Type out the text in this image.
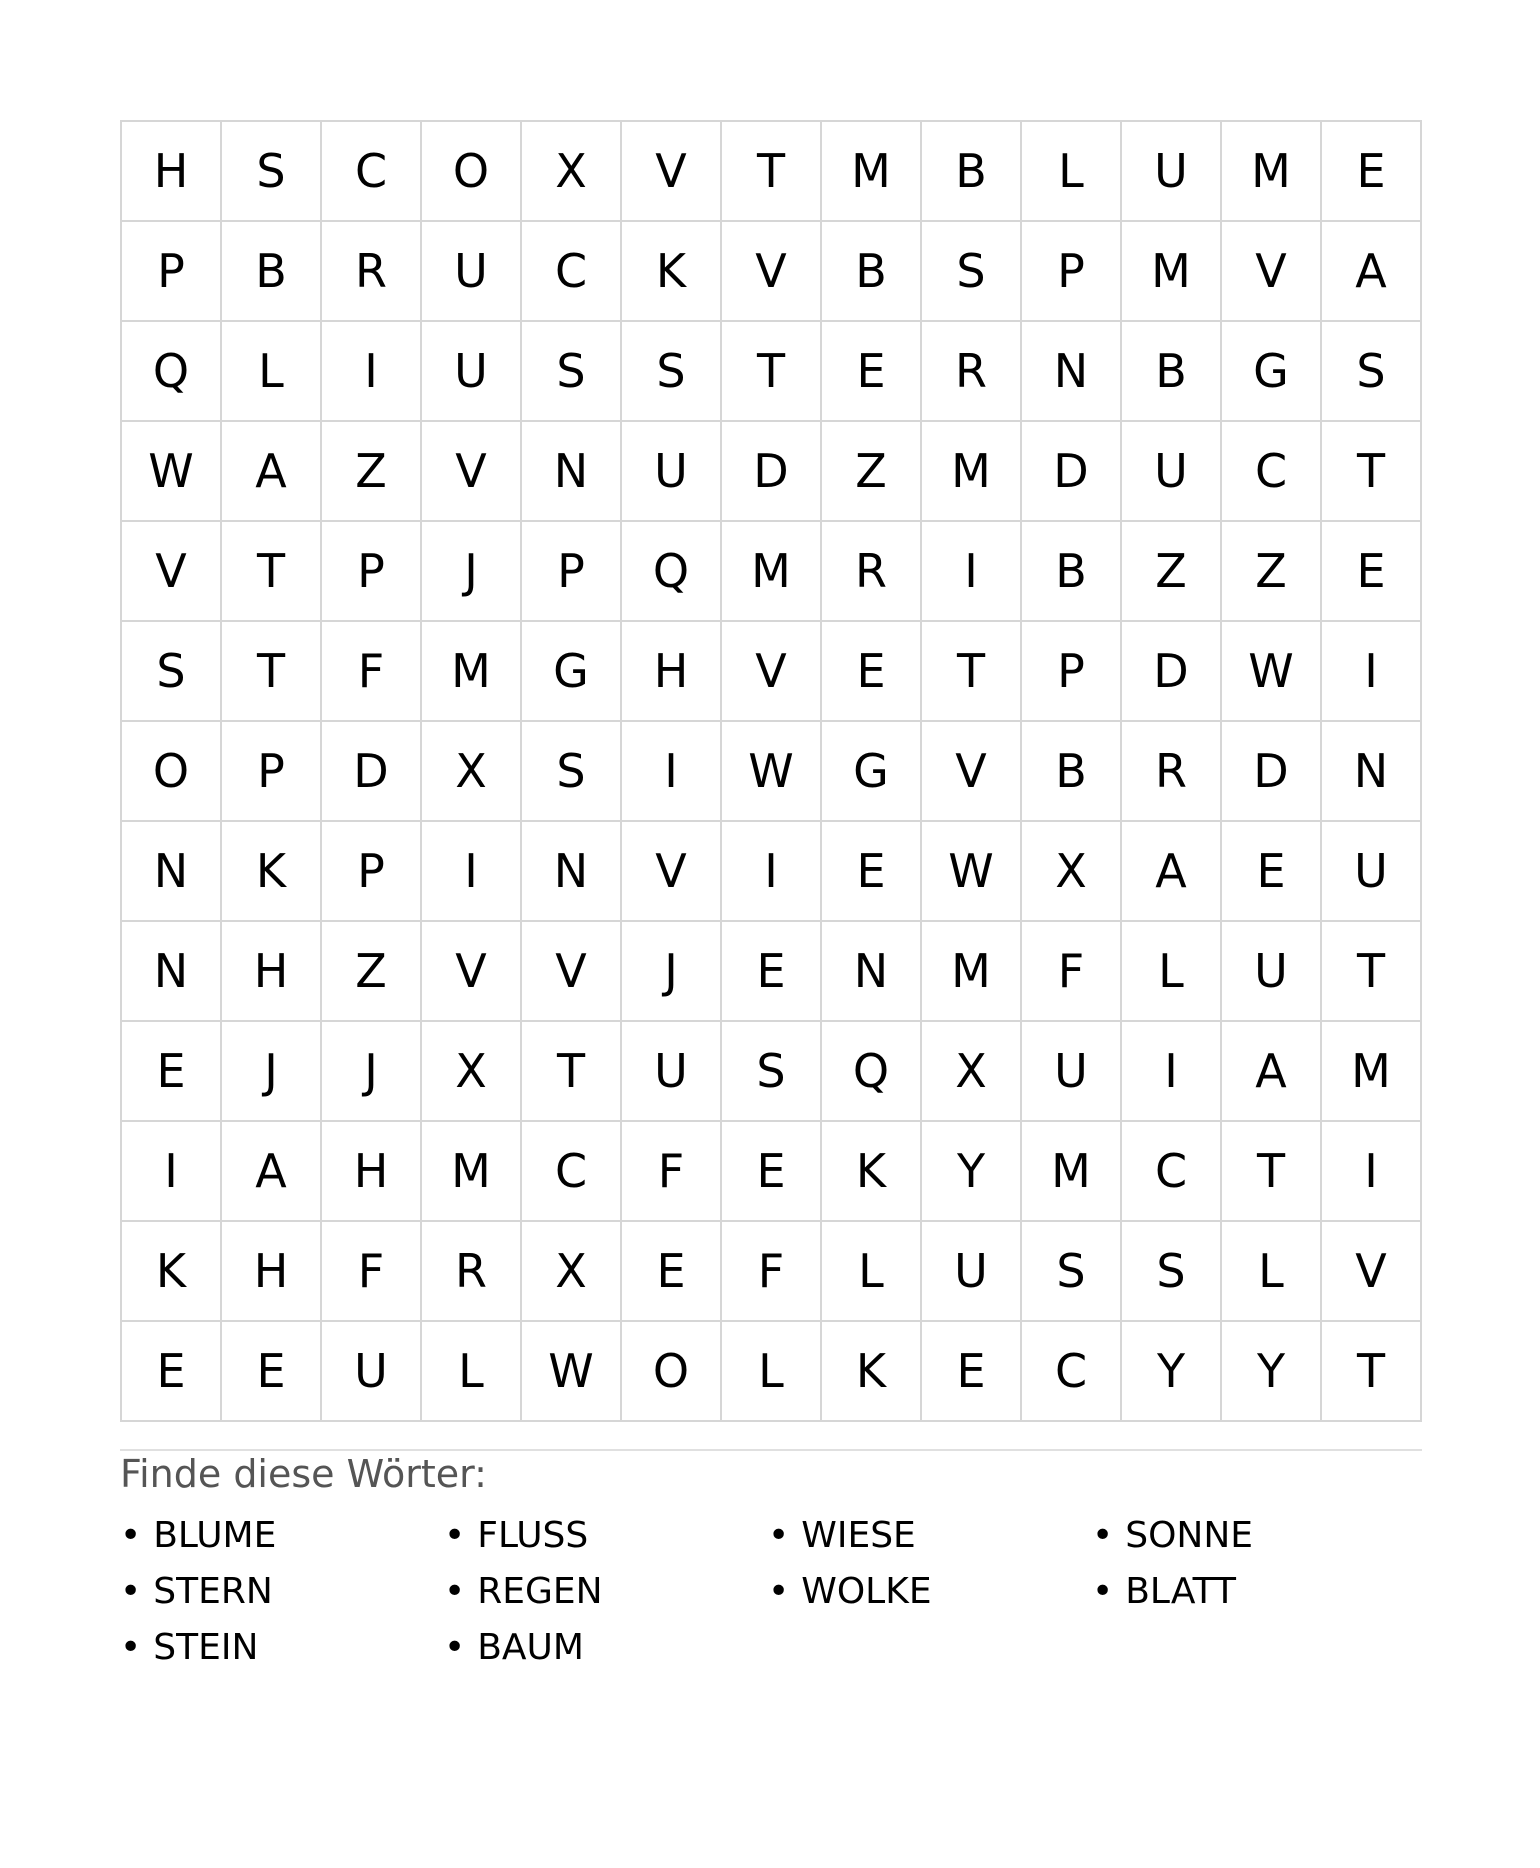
H	S	C	O	X	V	T	M	B	L	U	M	E
P	B	R	U	C	K	V	B	S	P	M	V	A
Q	L	I	U	S	S	T	E	R	N	B	G	S
W	A	Z	V	N	U	D	Z	M	D	U	C	T
V	T	P	J	P	Q	M	R	I	B	Z	Z	E
S	T	F	M	G	H	V	E	T	P	D	W	I
O	P	D	X	S	I	W	G	V	B	R	D	N
N	K	P	I	N	V	I	E	W	X	A	E	U
N	H	Z	V	V	J	E	N	M	F	L	U	T
E	J	J	X	T	U	S	Q	X	U	I	A	M
I	A	H	M	C	F	E	K	Y	M	C	T	I
K	H	F	R	X	E	F	L	U	S	S	L	V
E	E	U	L	W	O	L	K	E	C	Y	Y	T
Finde diese Wörter:
• BLUME	• FLUSS	• WIESE	• SONNE
• STERN	• REGEN	• WOLKE	• BLATT
• STEIN	• BAUM
